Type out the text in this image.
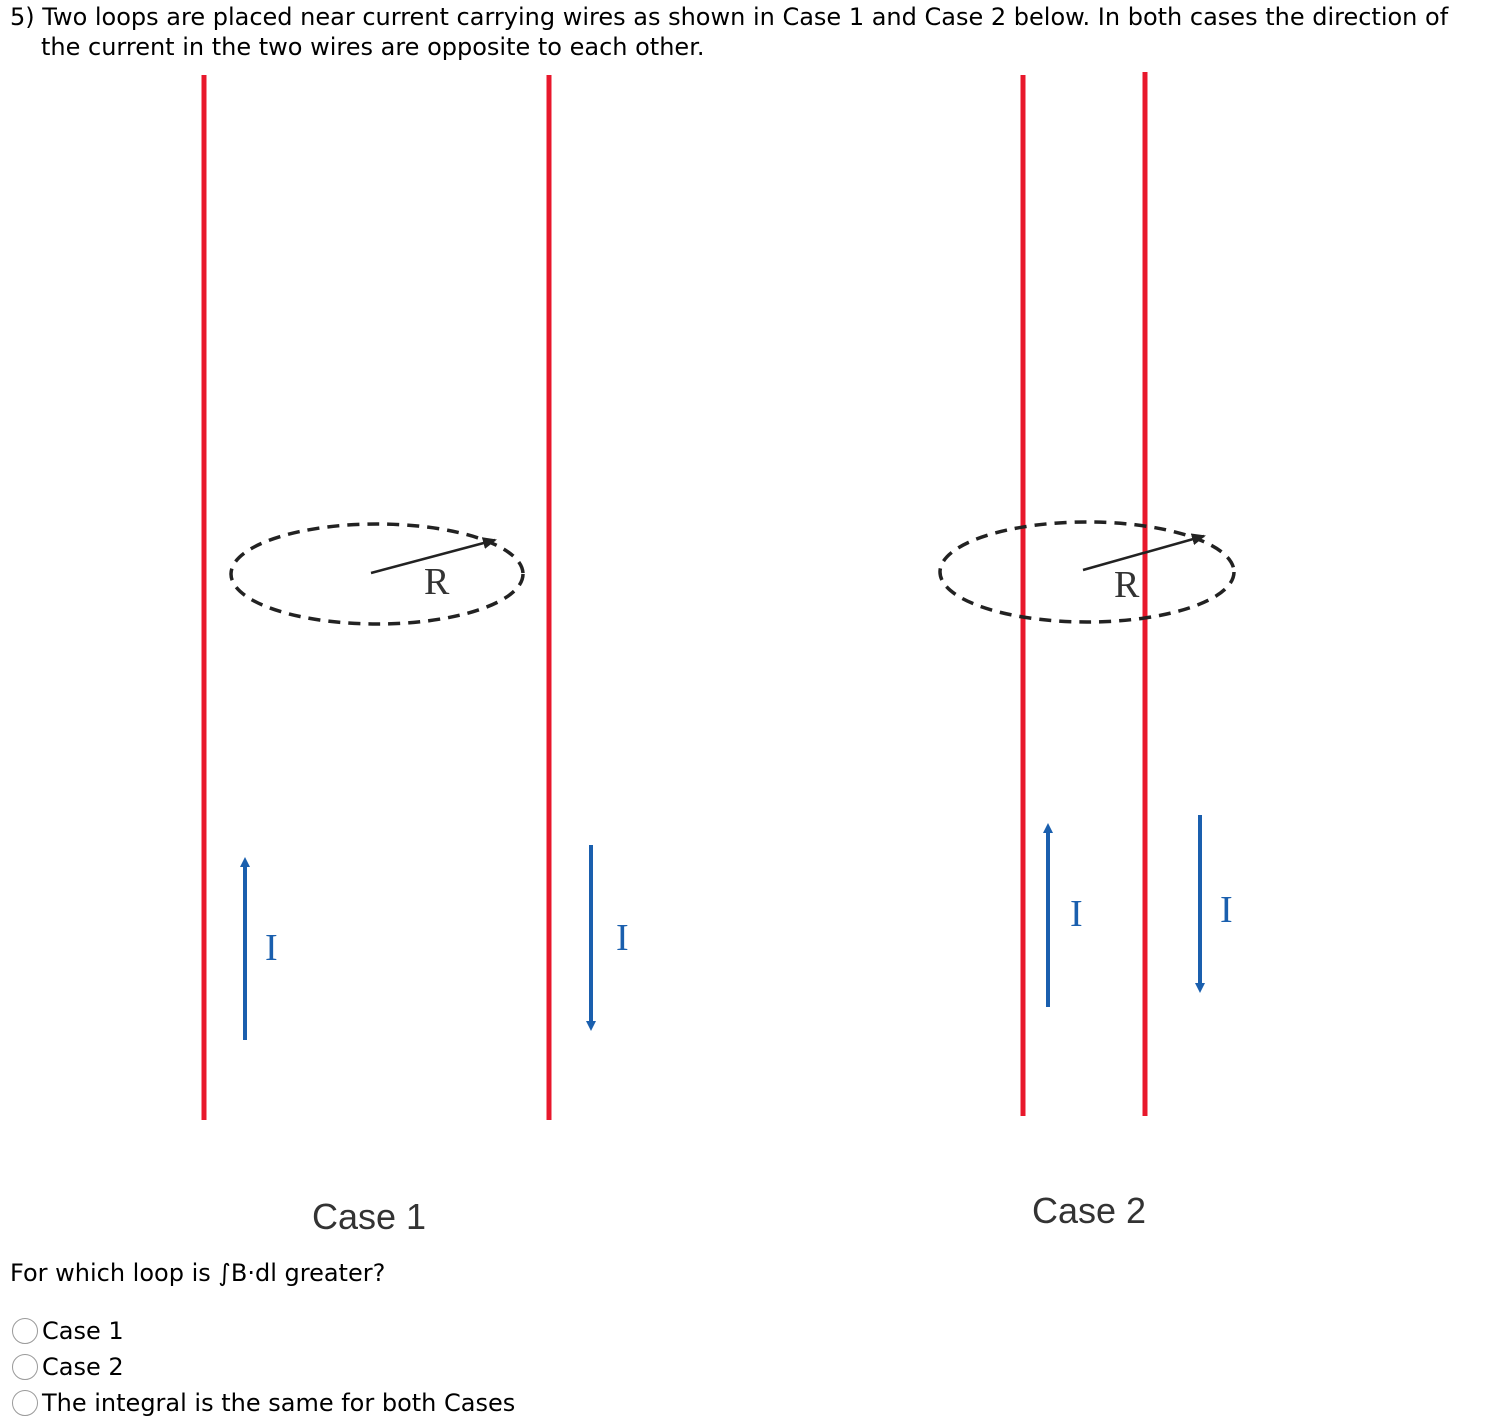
5) Two loops are placed near current carrying wires as shown in Case 1 and Case 2 below. In both cases the direction of
the current in the two wires are opposite to each other.
R
I	I
Case 1
R
I	I
Case 2
For which loop is ∫B·dl greater?
Case 1
Case 2
The integral is the same for both Cases
